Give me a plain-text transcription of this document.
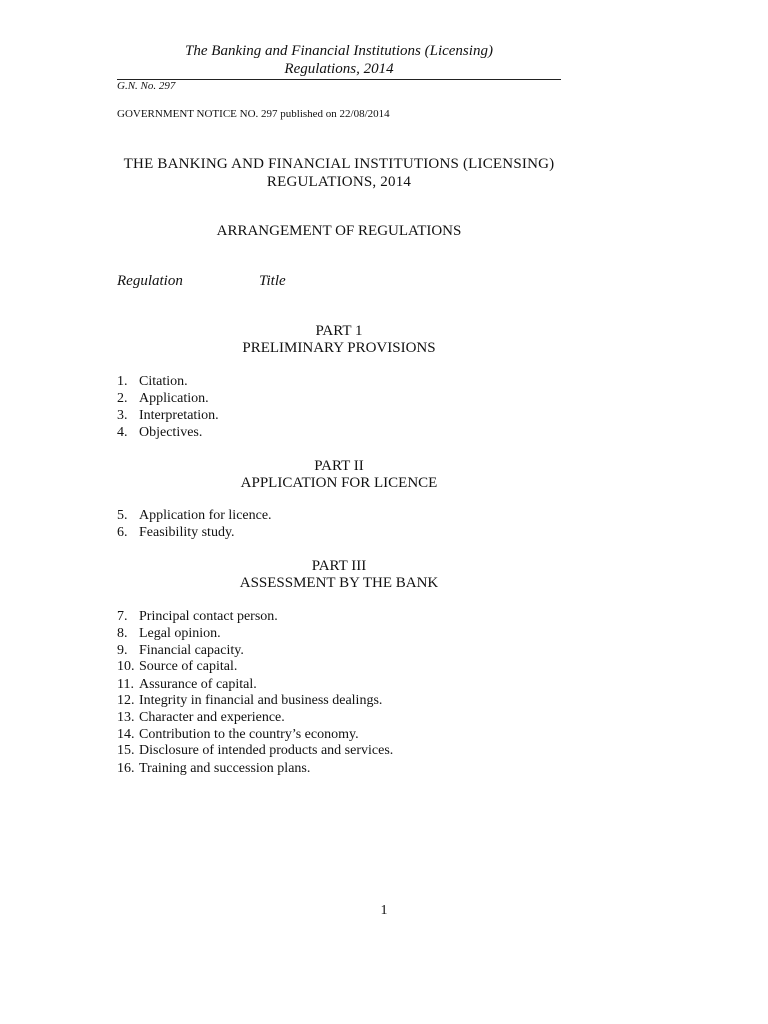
The Banking and Financial Institutions (Licensing)
Regulations, 2014
G.N. No. 297
GOVERNMENT NOTICE NO. 297 published on 22/08/2014
THE BANKING AND FINANCIAL INSTITUTIONS (LICENSING)
REGULATIONS, 2014
ARRANGEMENT OF REGULATIONS
Regulation	Title
PART 1
PRELIMINARY PROVISIONS
1. Citation.
2. Application.
3. Interpretation.
4. Objectives.
PART II
APPLICATION FOR LICENCE
5. Application for licence.
6. Feasibility study.
PART III
ASSESSMENT BY THE BANK
7. Principal contact person.
8. Legal opinion.
9. Financial capacity.
10. Source of capital.
11. Assurance of capital.
12. Integrity in financial and business dealings.
13. Character and experience.
14. Contribution to the country’s economy.
15. Disclosure of intended products and services.
16. Training and succession plans.
1
